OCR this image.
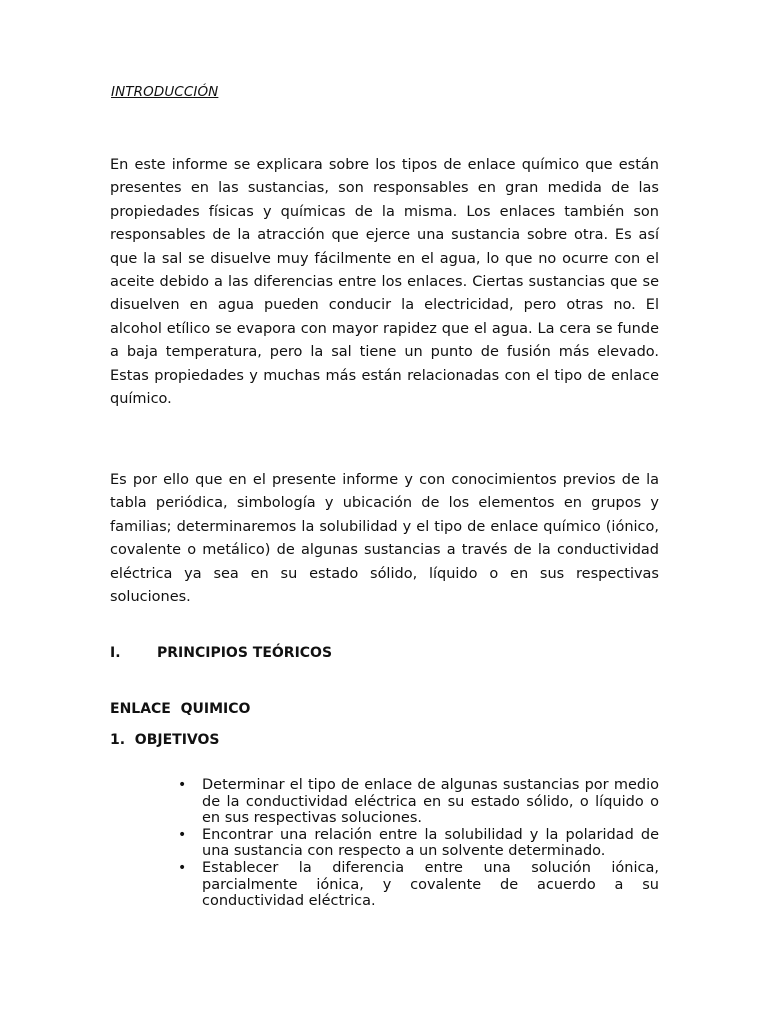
INTRODUCCIÓN
En este informe se explicara sobre los tipos de enlace químico que están presentes en las sustancias, son responsables en gran medida de las propiedades físicas y químicas de la misma. Los enlaces también son responsables de la atracción que ejerce una sustancia sobre otra. Es así que la sal se disuelve muy fácilmente en el agua, lo que no ocurre con el aceite debido a las diferencias entre los enlaces. Ciertas sustancias que se disuelven en agua pueden conducir la electricidad, pero otras no. El alcohol etílico se evapora con mayor rapidez que el agua. La cera se funde a baja temperatura, pero la sal tiene un punto de fusión más elevado. Estas propiedades y muchas más están relacionadas con el tipo de enlace químico.
Es por ello que en el presente informe y con conocimientos previos de la tabla periódica, simbología y ubicación de los elementos en grupos y familias; determinaremos la solubilidad y el tipo de enlace químico (iónico, covalente o metálico) de algunas sustancias a través de la conductividad eléctrica ya sea en su estado sólido, líquido o en sus respectivas soluciones.
I.	PRINCIPIOS TEÓRICOS
ENLACE  QUIMICO
1.  OBJETIVOS
• Determinar el tipo de enlace de algunas sustancias por medio de la conductividad eléctrica en su estado sólido, o líquido o en sus respectivas soluciones.
• Encontrar una relación entre la solubilidad y la polaridad de una sustancia con respecto a un solvente determinado.
• Establecer la diferencia entre una solución iónica, parcialmente iónica, y covalente de acuerdo a su conductividad eléctrica.
